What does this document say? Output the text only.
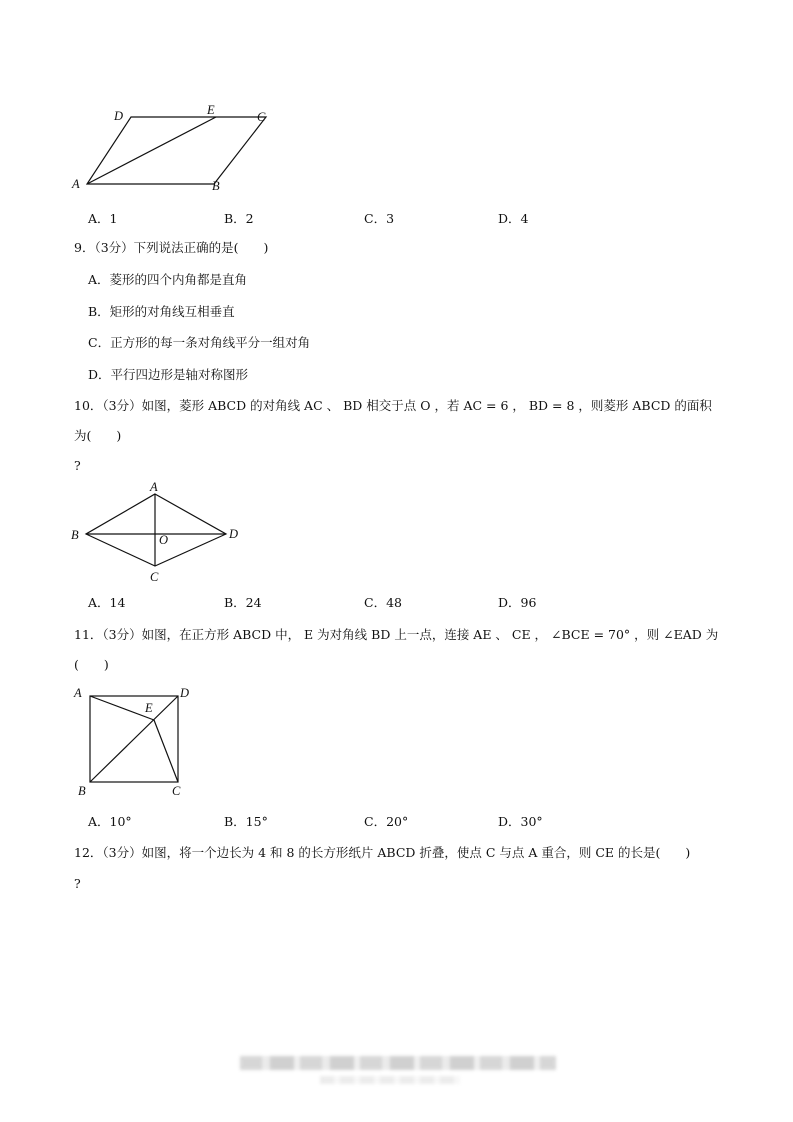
D	E	C
A	B
A．1	B．2	C．3	D．4
9．（3分）下列说法正确的是(　　)
A．菱形的四个内角都是直角
B．矩形的对角线互相垂直
C．正方形的每一条对角线平分一组对角
D．平行四边形是轴对称图形
10．（3分）如图，菱形 ABCD 的对角线 AC 、 BD 相交于点 O ，若 AC = 6 ， BD = 8 ，则菱形 ABCD 的面积
为(　　)
?
A
B	D
O
C
A．14	B．24	C．48	D．96
11．（3分）如图，在正方形 ABCD 中， E 为对角线 BD 上一点，连接 AE 、 CE ， ∠BCE = 70° ，则 ∠EAD 为
(　　)
A	D
E
B	C
A．10°	B．15°	C．20°	D．30°
12．（3分）如图，将一个边长为 4 和 8 的长方形纸片 ABCD 折叠，使点 C 与点 A 重合，则 CE 的长是(　　)
?
